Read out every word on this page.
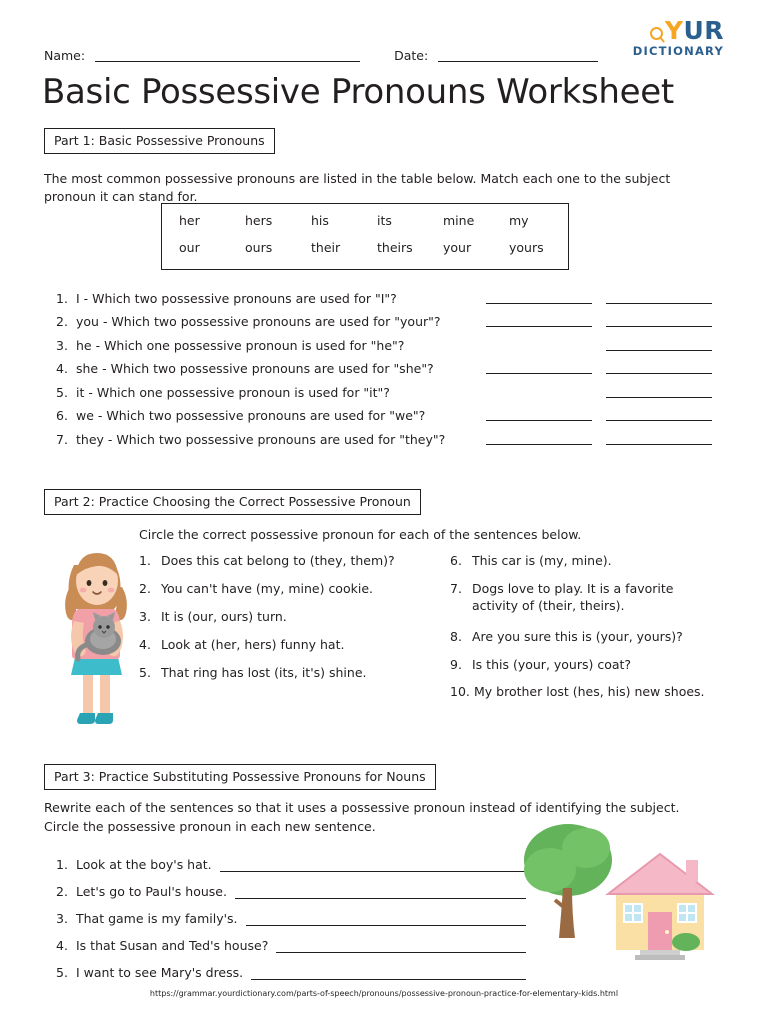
YUR
DICTIONARY
Name:	Date:
Basic Possessive Pronouns Worksheet
Part 1: Basic Possessive Pronouns
The most common possessive pronouns are listed in the table below. Match each one to the subject pronoun it can stand for.
her	hers	his	its	mine	my
our	ours	their	theirs	your	yours
1. I - Which two possessive pronouns are used for "I"?
2. you - Which two possessive pronouns are used for "your"?
3. he - Which one possessive pronoun is used for "he"?
4. she - Which two possessive pronouns are used for "she"?
5. it - Which one possessive pronoun is used for "it"?
6. we - Which two possessive pronouns are used for "we"?
7. they - Which two possessive pronouns are used for "they"?
Part 2: Practice Choosing the Correct Possessive Pronoun
Circle the correct possessive pronoun for each of the sentences below.
1. Does this cat belong to (they, them)?
2. You can't have (my, mine) cookie.
3. It is (our, ours) turn.
4. Look at (her, hers) funny hat.
5. That ring has lost (its, it's) shine.
6. This car is (my, mine).
7. Dogs love to play. It is a favorite activity of (their, theirs).
8. Are you sure this is (your, yours)?
9. Is this (your, yours) coat?
10. My brother lost (hes, his) new shoes.
Part 3: Practice Substituting Possessive Pronouns for Nouns
Rewrite each of the sentences so that it uses a possessive pronoun instead of identifying the subject. Circle the possessive pronoun in each new sentence.
1. Look at the boy's hat.
2. Let's go to Paul's house.
3. That game is my family's.
4. Is that Susan and Ted's house?
5. I want to see Mary's dress.
https://grammar.yourdictionary.com/parts-of-speech/pronouns/possessive-pronoun-practice-for-elementary-kids.html
